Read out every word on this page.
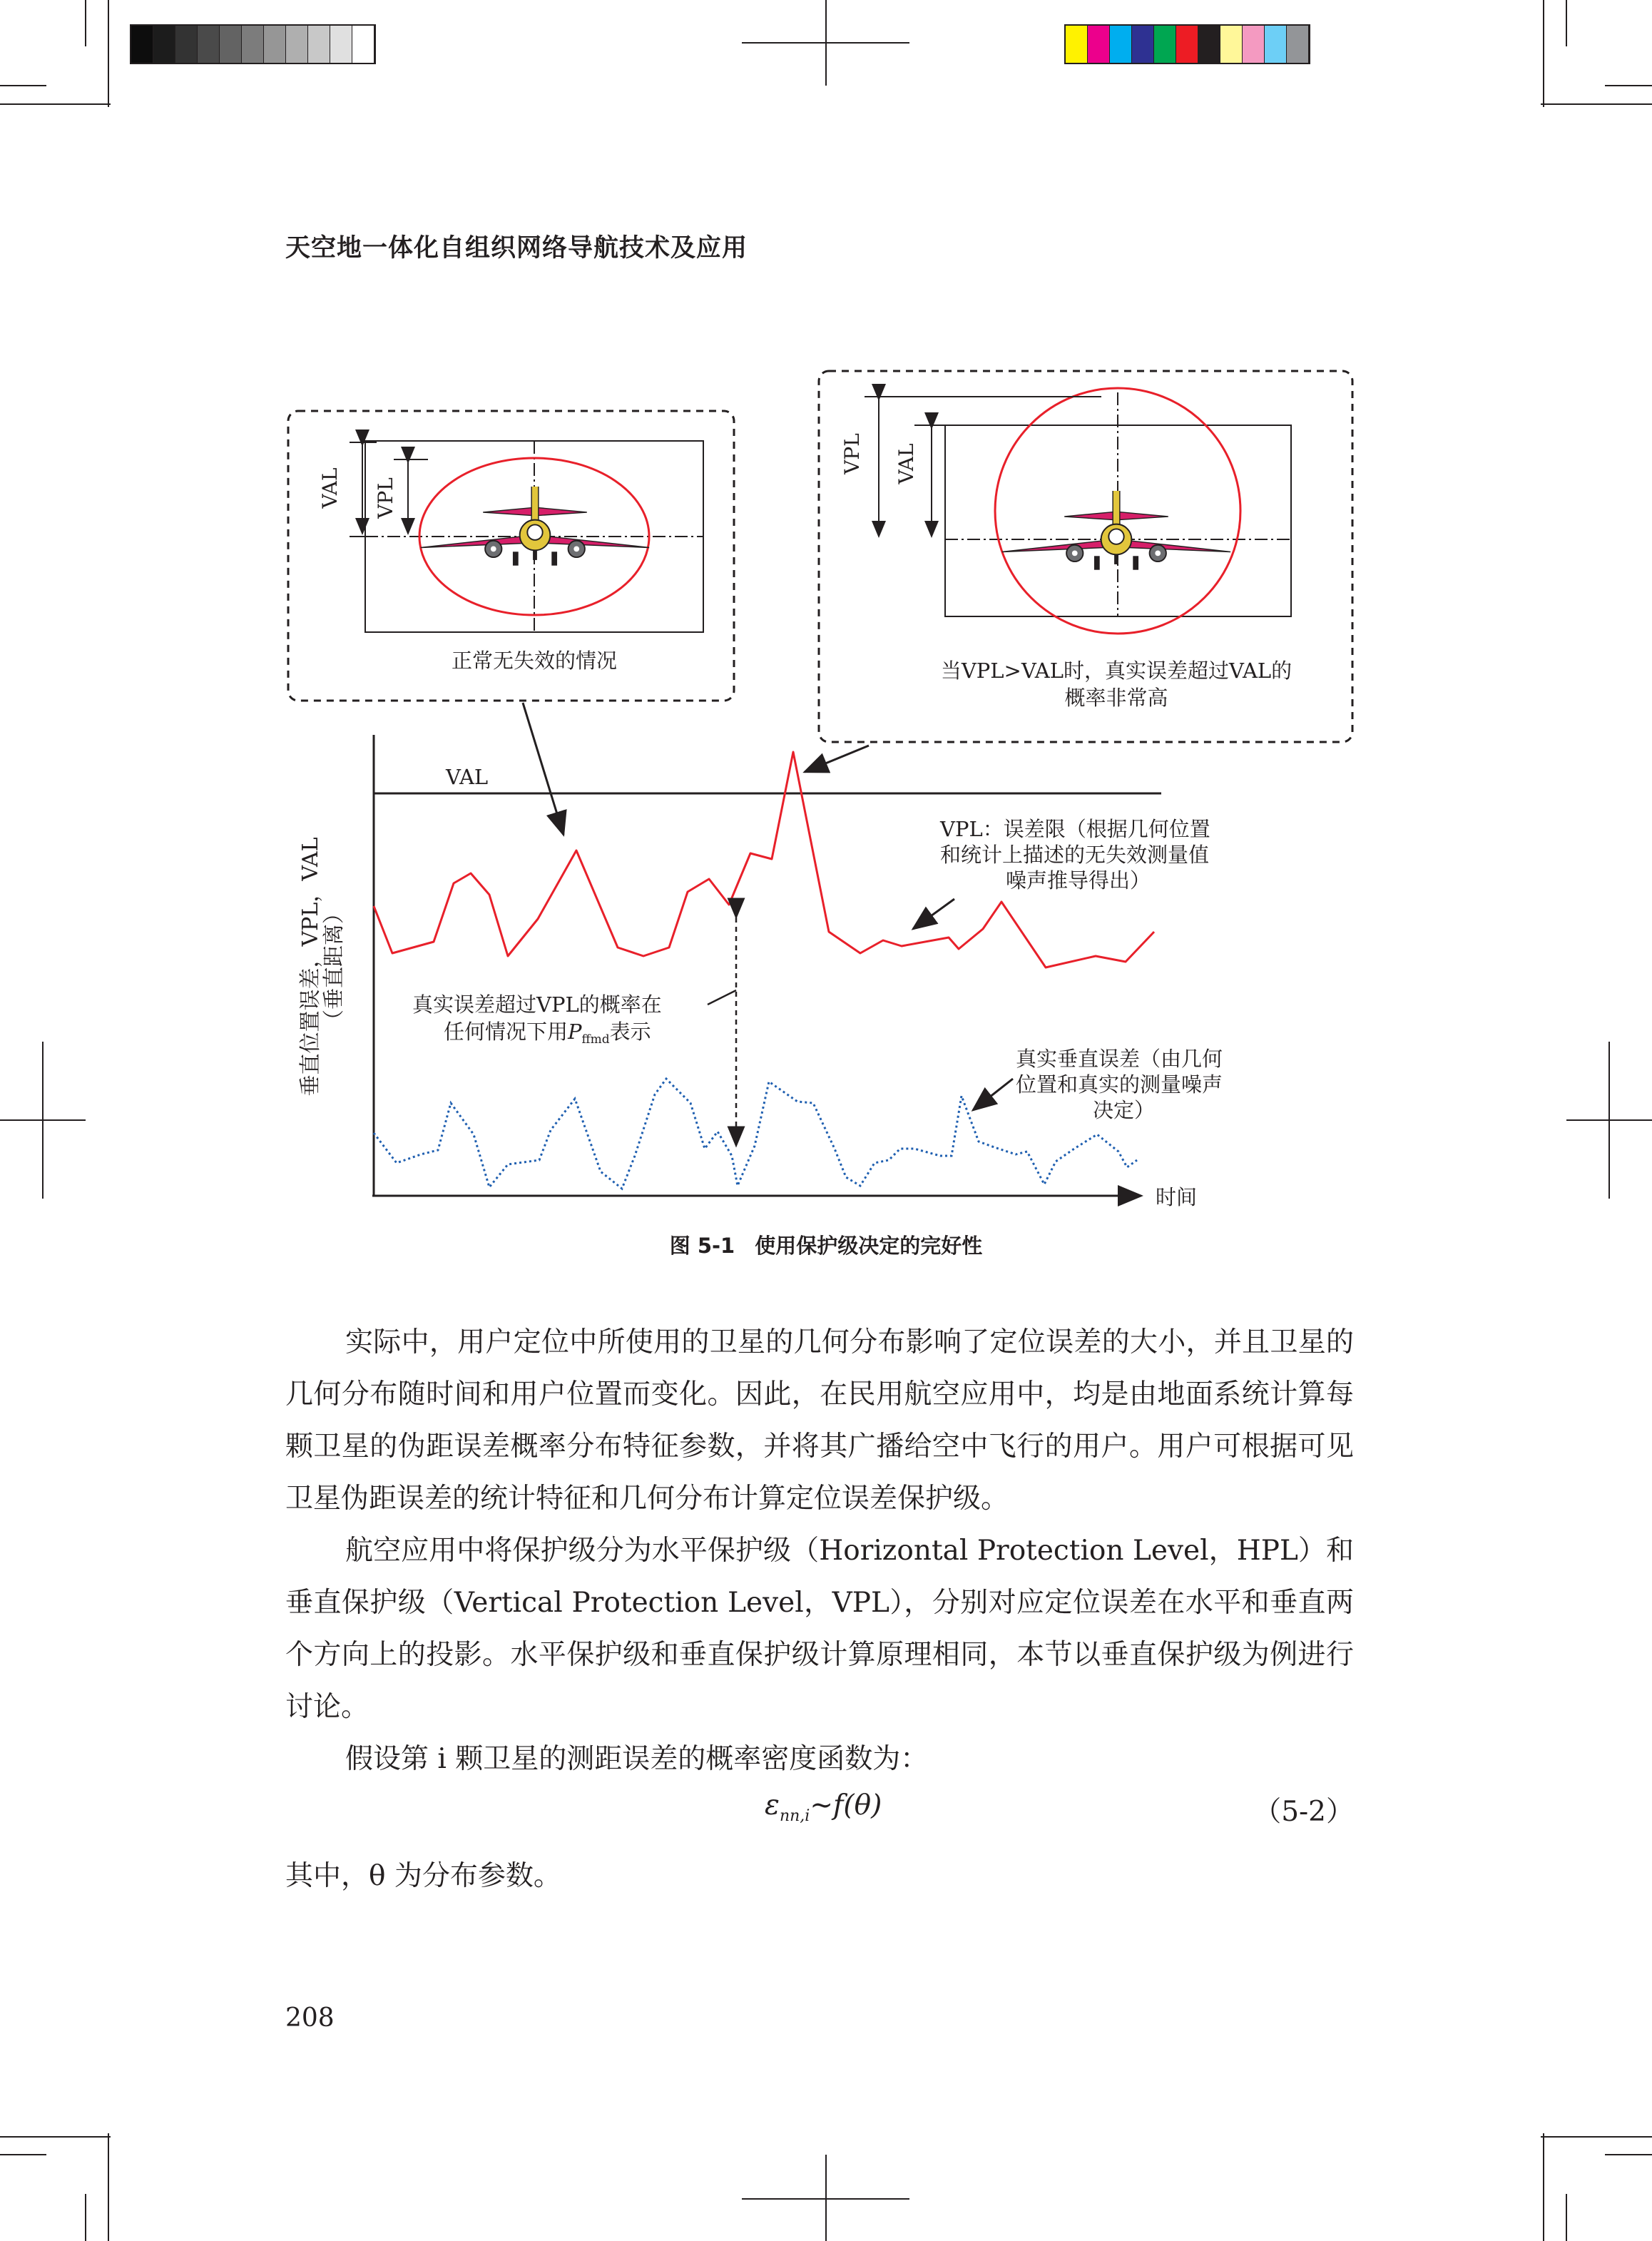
天空地一体化自组织网络导航技术及应用
VAL VPL
正常无失效的情况
VPL VAL
当VPL>VAL时，真实误差超过VAL的
概率非常高
VAL
时间
垂直位置误差，VPL，VAL
（垂直距离）
VPL：误差限（根据几何位置
和统计上描述的无失效测量值
噪声推导得出）
真实误差超过VPL的概率在
任何情况下用$P_{ffmd}$表示
真实垂直误差（由几何
位置和真实的测量噪声
决定）
图 5-1 使用保护级决定的完好性

实际中，用户定位中所使用的卫星的几何分布影响了定位误差的大小，并且卫星的几何分布随时间和用户位置而变化。因此，在民用航空应用中，均是由地面系统计算每颗卫星的伪距误差概率分布特征参数，并将其广播给空中飞行的用户。用户可根据可见卫星伪距误差的统计特征和几何分布计算定位误差保护级。

航空应用中将保护级分为水平保护级（Horizontal Protection Level，HPL）和垂直保护级（Vertical Protection Level，VPL），分别对应定位误差在水平和垂直两个方向上的投影。水平保护级和垂直保护级计算原理相同，本节以垂直保护级为例进行讨论。

假设第 i 颗卫星的测距误差的概率密度函数为：

$\varepsilon_{nn,i}\sim f(\theta)$	（5-2）
其中，θ 为分布参数。
208
